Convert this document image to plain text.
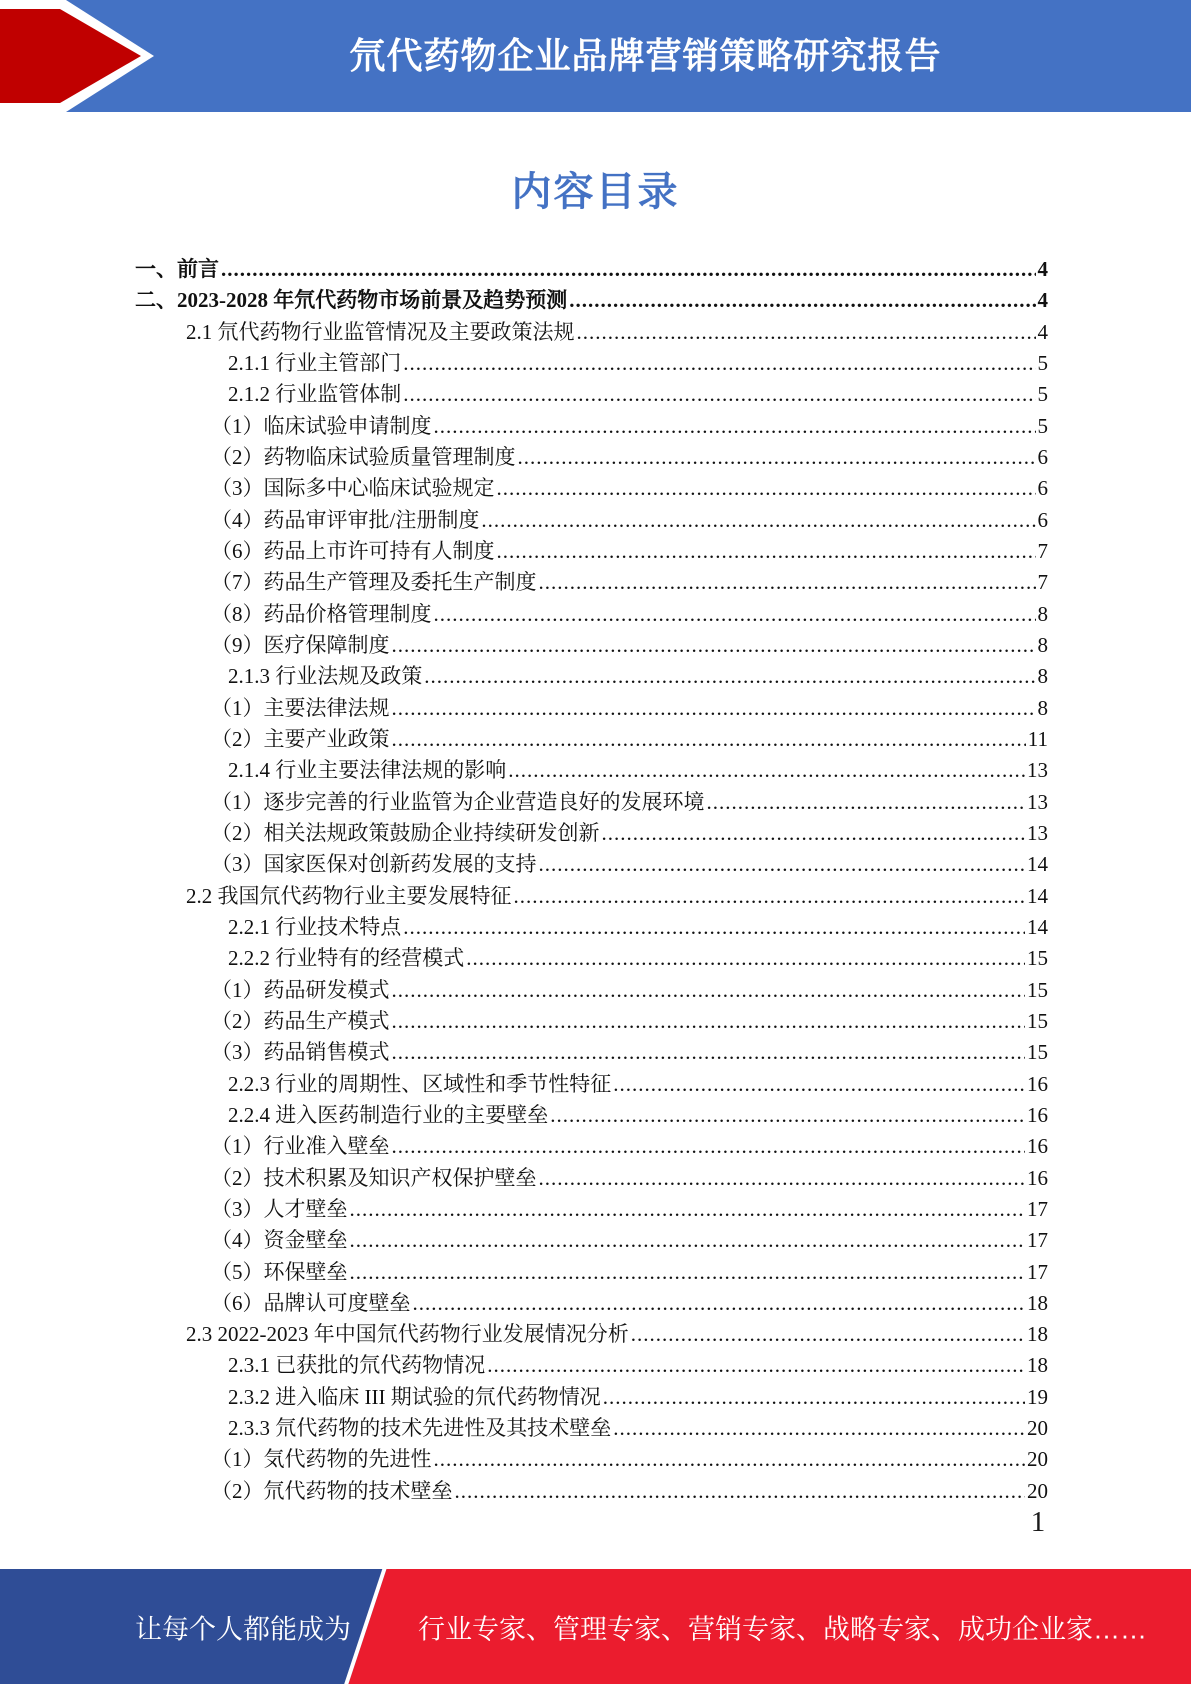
氘代药物企业品牌营销策略研究报告
内容目录
一、前言 .....	4
二、2023-2028 年氘代药物市场前景及趋势预测 .....	4
2.1 氘代药物行业监管情况及主要政策法规 .....	4
2.1.1 行业主管部门 .....	5
2.1.2 行业监管体制 .....	5
（1）临床试验申请制度 .....	5
（2）药物临床试验质量管理制度 .....	6
（3）国际多中心临床试验规定 .....	6
（4）药品审评审批/注册制度 .....	6
（6）药品上市许可持有人制度 .....	7
（7）药品生产管理及委托生产制度 .....	7
（8）药品价格管理制度 .....	8
（9）医疗保障制度 .....	8
2.1.3 行业法规及政策 .....	8
（1）主要法律法规 .....	8
（2）主要产业政策 .....	11
2.1.4 行业主要法律法规的影响 .....	13
（1）逐步完善的行业监管为企业营造良好的发展环境 .....	13
（2）相关法规政策鼓励企业持续研发创新 .....	13
（3）国家医保对创新药发展的支持 .....	14
2.2 我国氘代药物行业主要发展特征 .....	14
2.2.1 行业技术特点 .....	14
2.2.2 行业特有的经营模式 .....	15
（1）药品研发模式 .....	15
（2）药品生产模式 .....	15
（3）药品销售模式 .....	15
2.2.3 行业的周期性、区域性和季节性特征 .....	16
2.2.4 进入医药制造行业的主要壁垒 .....	16
（1）行业准入壁垒 .....	16
（2）技术积累及知识产权保护壁垒 .....	16
（3）人才壁垒 .....	17
（4）资金壁垒 .....	17
（5）环保壁垒 .....	17
（6）品牌认可度壁垒 .....	18
2.3 2022-2023 年中国氘代药物行业发展情况分析 .....	18
2.3.1 已获批的氘代药物情况 .....	18
2.3.2 进入临床 III 期试验的氘代药物情况 .....	19
2.3.3 氘代药物的技术先进性及其技术壁垒 .....	20
（1）気代药物的先进性 .....	20
（2）氘代药物的技术壁垒 .....	20
1
让每个人都能成为 行业专家、管理专家、营销专家、战略专家、成功企业家……
